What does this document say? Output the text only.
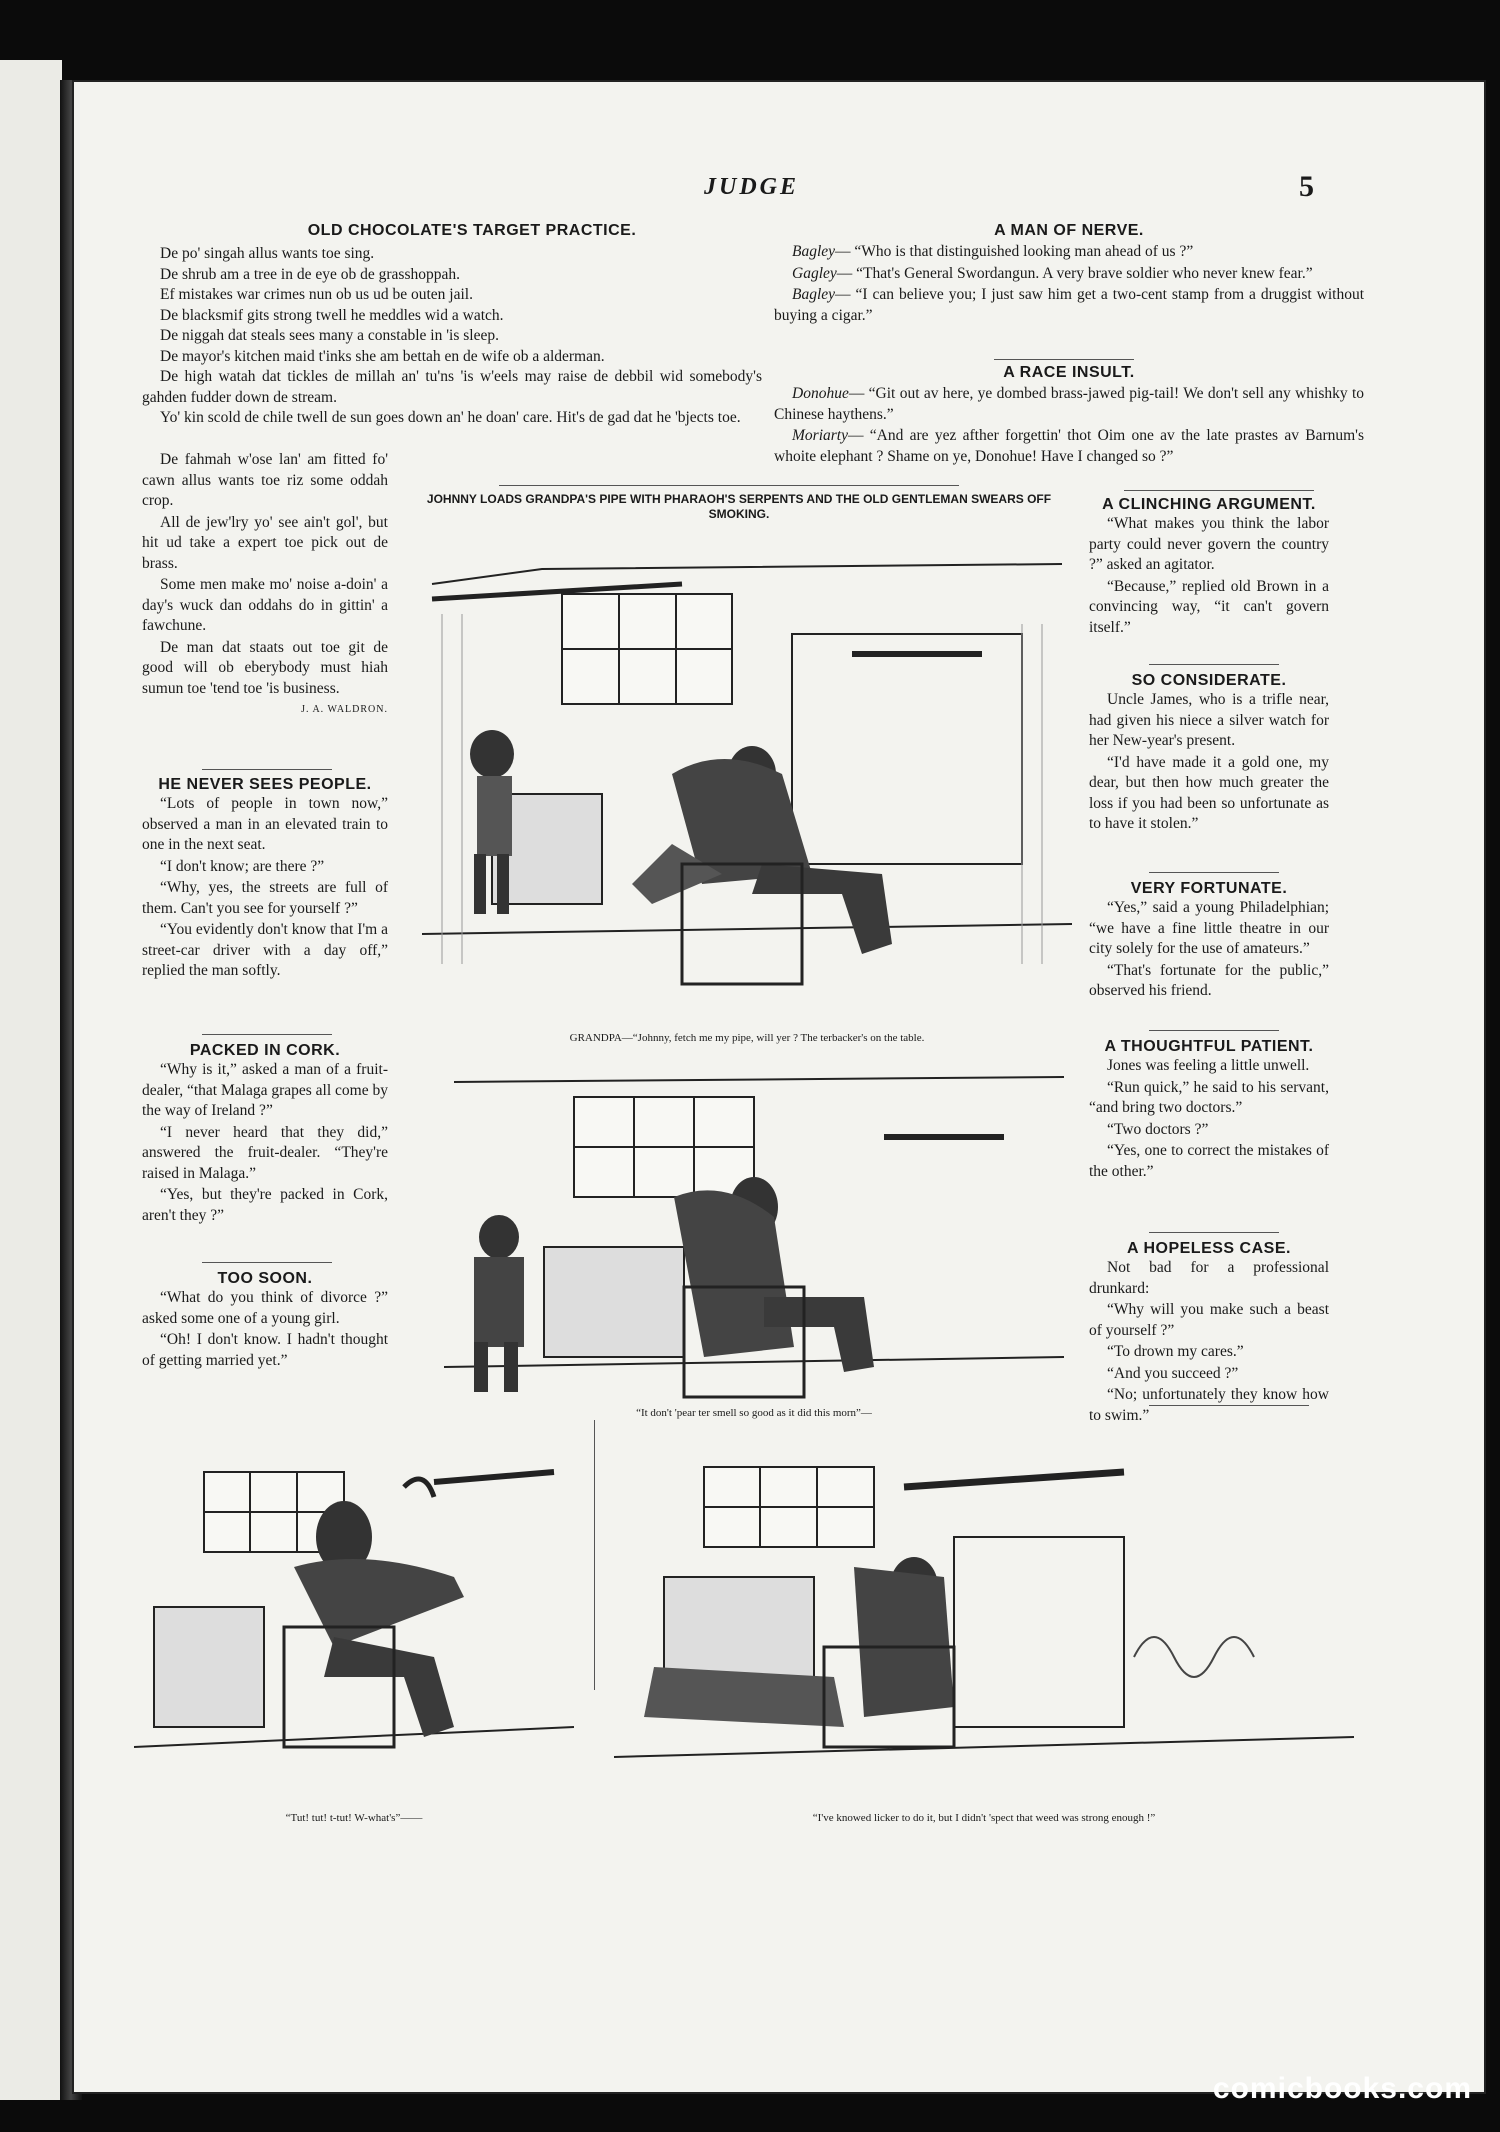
JUDGE	5
OLD CHOCOLATE'S TARGET PRACTICE.

De po' singah allus wants toe sing.

De shrub am a tree in de eye ob de grasshoppah.

Ef mistakes war crimes nun ob us ud be outen jail.

De blacksmif gits strong twell he meddles wid a watch.

De niggah dat steals sees many a constable in 'is sleep.

De mayor's kitchen maid t'inks she am bettah en de wife ob a alderman.

De high watah dat tickles de millah an' tu'ns 'is w'eels may raise de debbil wid somebody's gahden fudder down de stream.

Yo' kin scold de chile twell de sun goes down an' he doan' care. Hit's de gad dat he 'bjects toe.

De fahmah w'ose lan' am fitted fo' cawn allus wants toe riz some oddah crop.

All de jew'lry yo' see ain't gol', but hit ud take a expert toe pick out de brass.

Some men make mo' noise a-doin' a day's wuck dan oddahs do in gittin' a fawchune.

De man dat staats out toe git de good will ob eberybody must hiah sumun toe 'tend toe 'is business.

J. A. WALDRON.
HE NEVER SEES PEOPLE.

“Lots of people in town now,” observed a man in an elevated train to one in the next seat.

“I don't know; are there ?”

“Why, yes, the streets are full of them. Can't you see for yourself ?”

“You evidently don't know that I'm a street-car driver with a day off,” replied the man softly.

PACKED IN CORK.

“Why is it,” asked a man of a fruit-dealer, “that Malaga grapes all come by the way of Ireland ?”

“I never heard that they did,” answered the fruit-dealer. “They're raised in Malaga.”

“Yes, but they're packed in Cork, aren't they ?”

TOO SOON.

“What do you think of divorce ?” asked some one of a young girl.

“Oh! I don't know. I hadn't thought of getting married yet.”

A MAN OF NERVE.

Bagley— “Who is that distinguished looking man ahead of us ?”

Gagley— “That's General Swordangun. A very brave soldier who never knew fear.”

Bagley— “I can believe you; I just saw him get a two-cent stamp from a druggist without buying a cigar.”

A RACE INSULT.

Donohue— “Git out av here, ye dombed brass-jawed pig-tail! We don't sell any whishky to Chinese haythens.”

Moriarty— “And are yez afther forgettin' thot Oim one av the late prastes av Barnum's whoite elephant ? Shame on ye, Donohue! Have I changed so ?”

A CLINCHING ARGUMENT.

“What makes you think the labor party could never govern the country ?” asked an agitator.

“Because,” replied old Brown in a convincing way, “it can't govern itself.”

SO CONSIDERATE.

Uncle James, who is a trifle near, had given his niece a silver watch for her New-year's present.

“I'd have made it a gold one, my dear, but then how much greater the loss if you had been so unfortunate as to have it stolen.”

VERY FORTUNATE.

“Yes,” said a young Philadelphian; “we have a fine little theatre in our city solely for the use of amateurs.”

“That's fortunate for the public,” observed his friend.

A THOUGHTFUL PATIENT.

Jones was feeling a little unwell.

“Run quick,” he said to his servant, “and bring two doctors.”

“Two doctors ?”

“Yes, one to correct the mistakes of the other.”

A HOPELESS CASE.

Not bad for a professional drunkard:

“Why will you make such a beast of yourself ?”

“To drown my cares.”

“And you succeed ?”

“No; unfortunately they know how to swim.”

JOHNNY LOADS GRANDPA'S PIPE WITH PHARAOH'S SERPENTS AND THE OLD GENTLEMAN SWEARS OFF SMOKING.
GRANDPA—“Johnny, fetch me my pipe, will yer ? The terbacker's on the table.
“It don't 'pear ter smell so good as it did this morn”—
“Tut! tut! t-tut! W-what's”——	“I've knowed licker to do it, but I didn't 'spect that weed was strong enough !”
comicbooks.com
